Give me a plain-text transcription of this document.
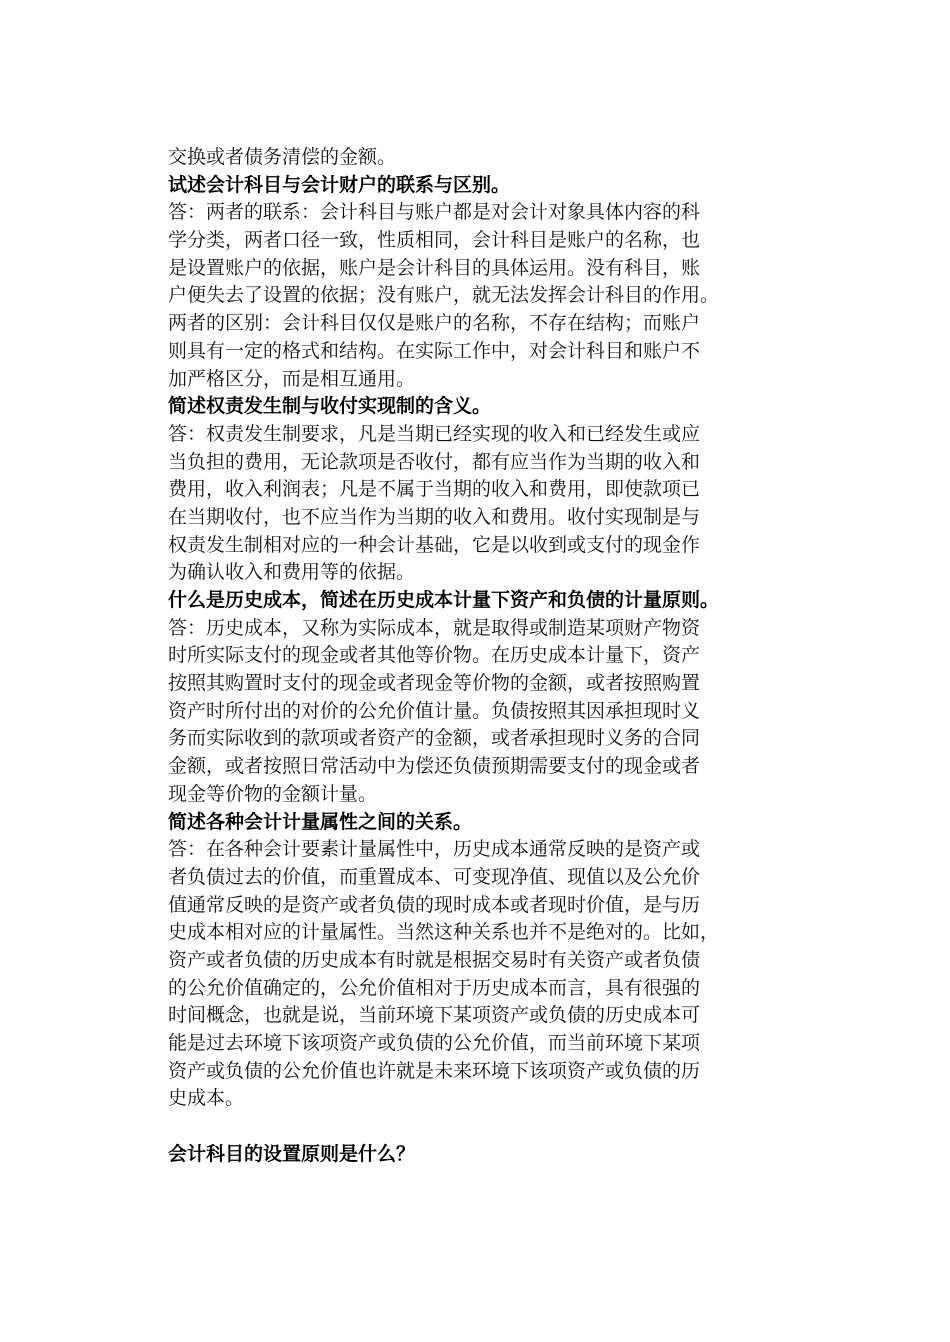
交换或者债务清偿的金额。
试述会计科目与会计财户的联系与区别。
答：两者的联系：会计科目与账户都是对会计对象具体内容的科
学分类，两者口径一致，性质相同，会计科目是账户的名称，也
是设置账户的依据，账户是会计科目的具体运用。没有科目，账
户便失去了设置的依据；没有账户，就无法发挥会计科目的作用。
两者的区别：会计科目仅仅是账户的名称，不存在结构；而账户
则具有一定的格式和结构。在实际工作中，对会计科目和账户不
加严格区分，而是相互通用。
简述权责发生制与收付实现制的含义。
答：权责发生制要求，凡是当期已经实现的收入和已经发生或应
当负担的费用，无论款项是否收付，都有应当作为当期的收入和
费用，收入利润表；凡是不属于当期的收入和费用，即使款项已
在当期收付，也不应当作为当期的收入和费用。收付实现制是与
权责发生制相对应的一种会计基础，它是以收到或支付的现金作
为确认收入和费用等的依据。
什么是历史成本，简述在历史成本计量下资产和负债的计量原则。
答：历史成本，又称为实际成本，就是取得或制造某项财产物资
时所实际支付的现金或者其他等价物。在历史成本计量下，资产
按照其购置时支付的现金或者现金等价物的金额，或者按照购置
资产时所付出的对价的公允价值计量。负债按照其因承担现时义
务而实际收到的款项或者资产的金额，或者承担现时义务的合同
金额，或者按照日常活动中为偿还负债预期需要支付的现金或者
现金等价物的金额计量。
简述各种会计计量属性之间的关系。
答：在各种会计要素计量属性中，历史成本通常反映的是资产或
者负债过去的价值，而重置成本、可变现净值、现值以及公允价
值通常反映的是资产或者负债的现时成本或者现时价值，是与历
史成本相对应的计量属性。当然这种关系也并不是绝对的。比如，
资产或者负债的历史成本有时就是根据交易时有关资产或者负债
的公允价值确定的，公允价值相对于历史成本而言，具有很强的
时间概念，也就是说，当前环境下某项资产或负债的历史成本可
能是过去环境下该项资产或负债的公允价值，而当前环境下某项
资产或负债的公允价值也许就是未来环境下该项资产或负债的历
史成本。
会计科目的设置原则是什么？
